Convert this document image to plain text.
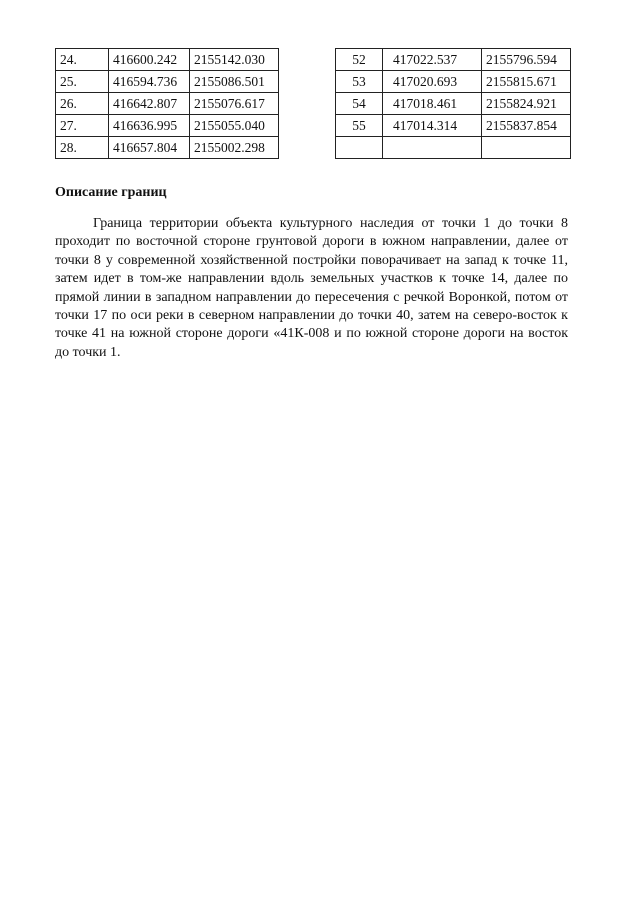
24.	416600.242	2155142.030
25.	416594.736	2155086.501
26.	416642.807	2155076.617
27.	416636.995	2155055.040
28.	416657.804	2155002.298
52	417022.537	2155796.594
53	417020.693	2155815.671
54	417018.461	2155824.921
55	417014.314	2155837.854

Описание границ

Граница территории объекта культурного наследия от точки 1 до точки 8 проходит по восточной стороне грунтовой дороги в южном направлении, далее от точки 8 у современной хозяйственной постройки поворачивает на запад к точке 11, затем идет в том-же направлении вдоль земельных участков к точке 14, далее по прямой линии в западном направлении до пересечения с речкой Воронкой, потом от точки 17 по оси реки в северном направлении до точки 40, затем на северо-восток к точке 41 на южной стороне дороги «41К-008 и по южной стороне дороги на восток до точки 1.
